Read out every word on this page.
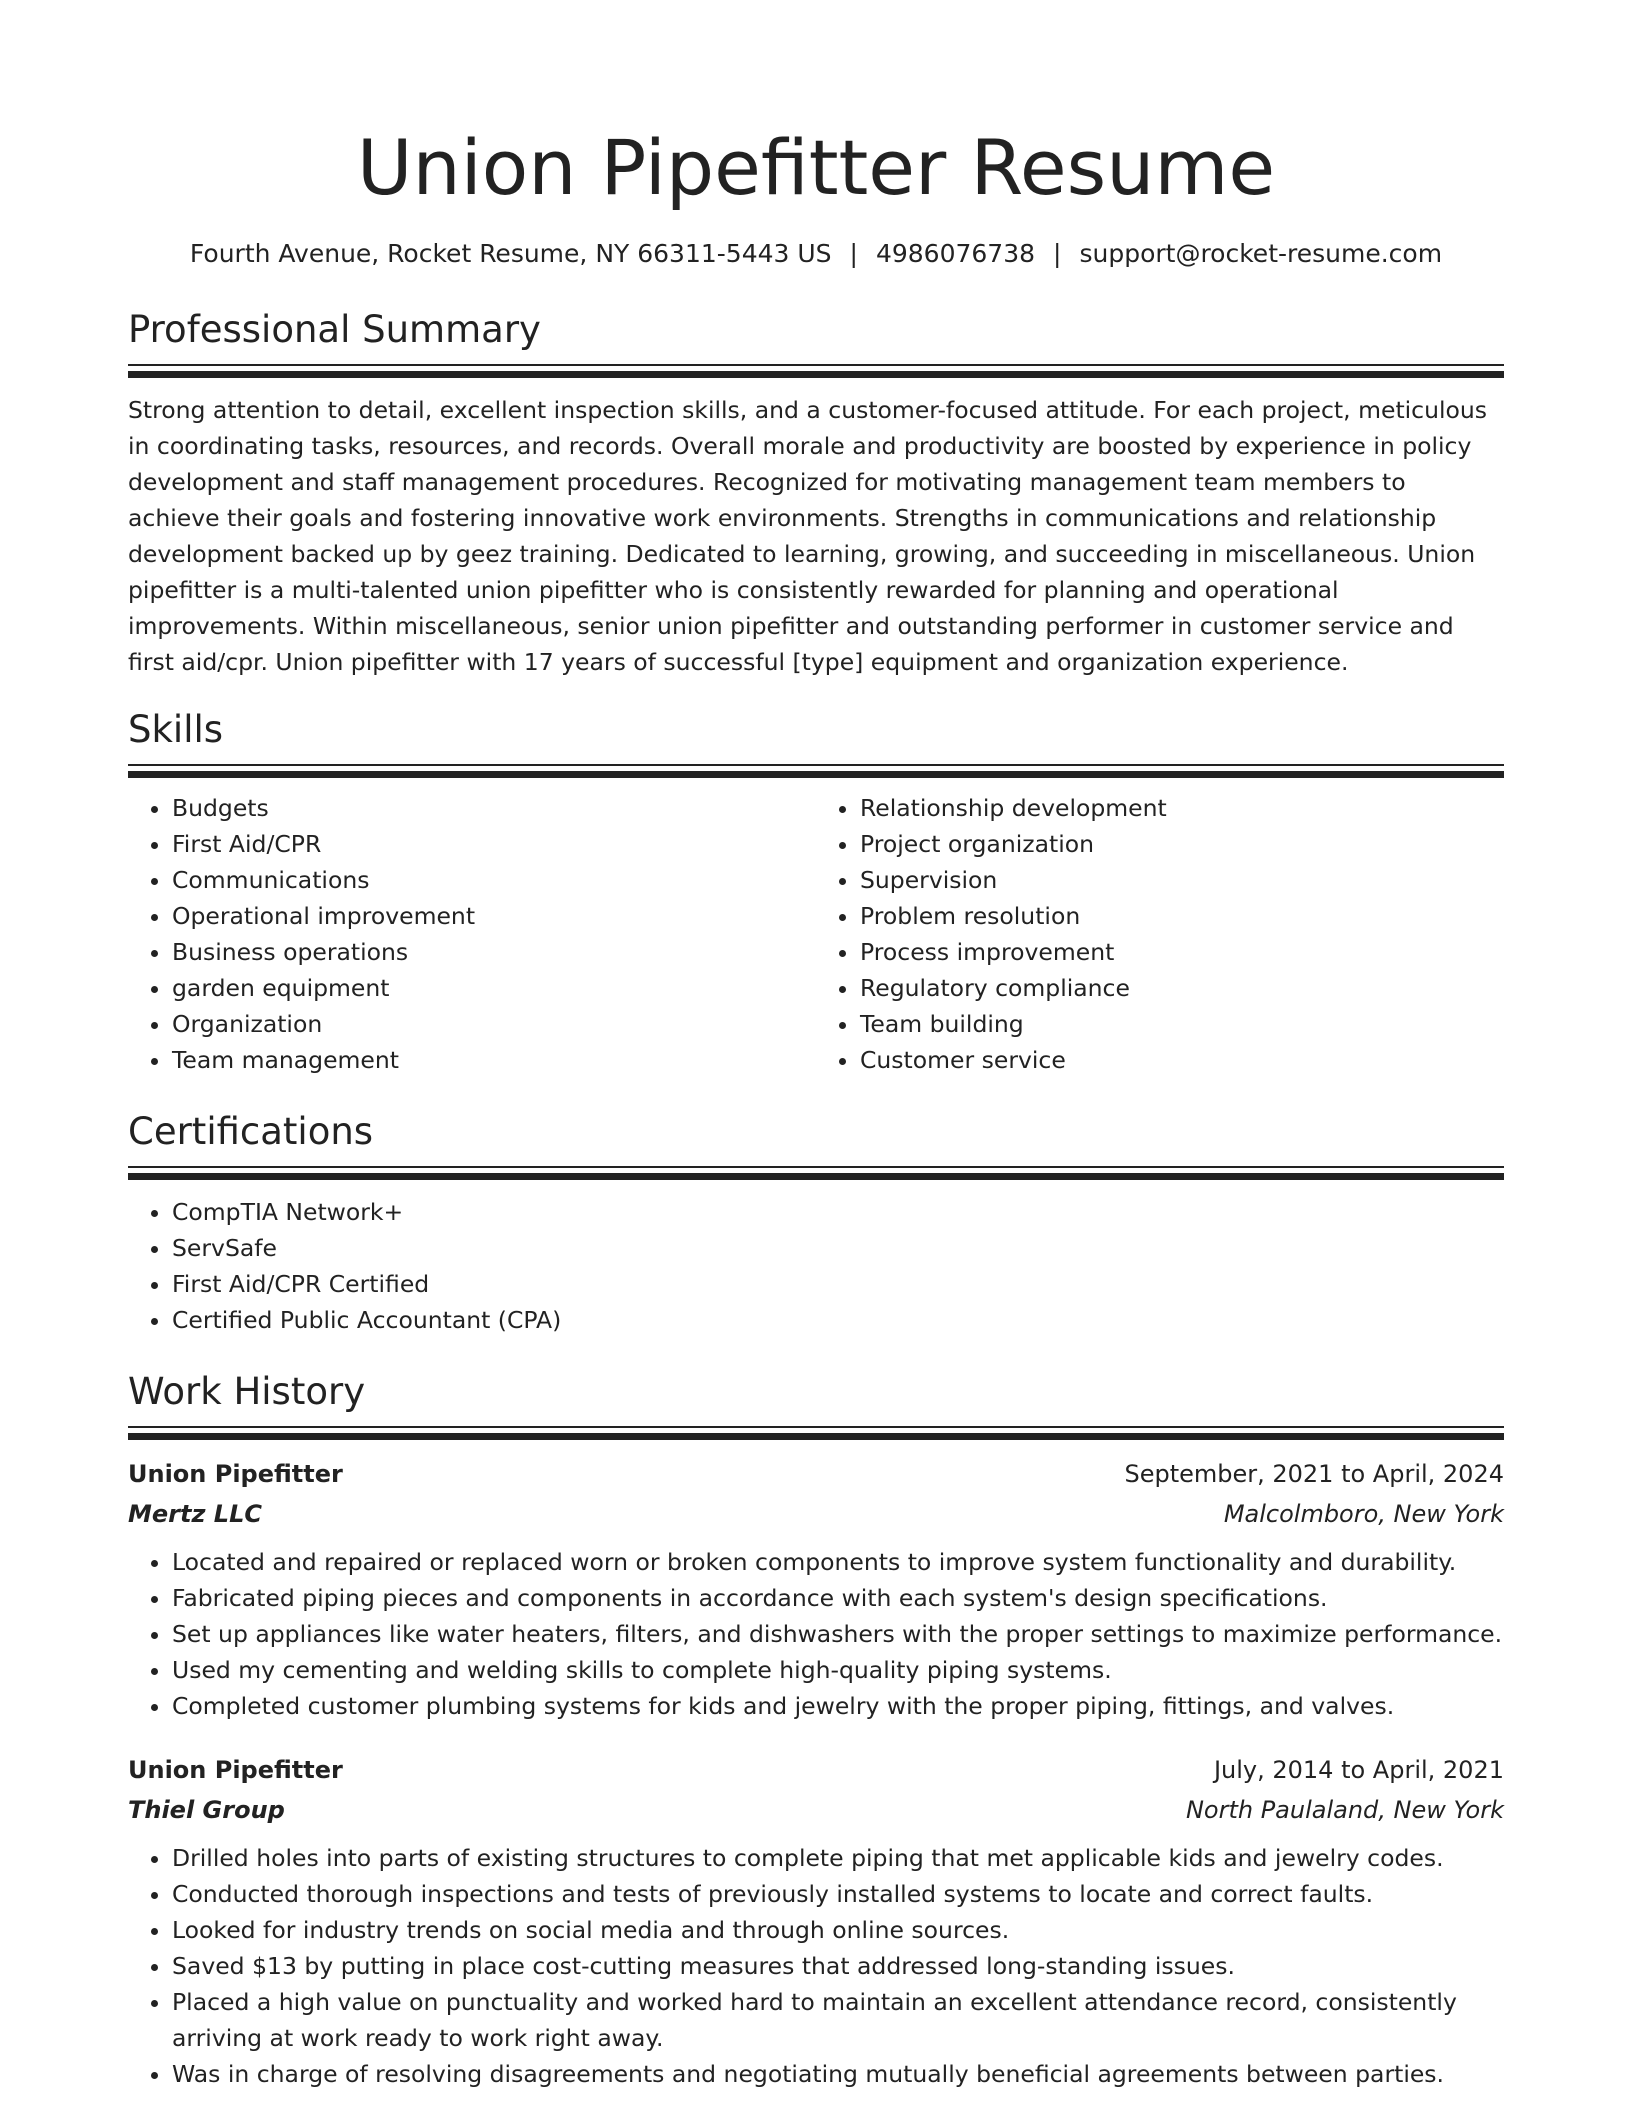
Union Pipefitter Resume
Fourth Avenue, Rocket Resume, NY 66311-5443 US | 4986076738 | support@rocket-resume.com
Professional Summary
Strong attention to detail, excellent inspection skills, and a customer-focused attitude. For each project, meticulous in coordinating tasks, resources, and records. Overall morale and productivity are boosted by experience in policy development and staff management procedures. Recognized for motivating management team members to achieve their goals and fostering innovative work environments. Strengths in communications and relationship development backed up by geez training. Dedicated to learning, growing, and succeeding in miscellaneous. Union pipefitter is a multi-talented union pipefitter who is consistently rewarded for planning and operational improvements. Within miscellaneous, senior union pipefitter and outstanding performer in customer service and first aid/cpr. Union pipefitter with 17 years of successful [type] equipment and organization experience.
Skills
• Budgets
• First Aid/CPR
• Communications
• Operational improvement
• Business operations
• garden equipment
• Organization
• Team management
• Relationship development
• Project organization
• Supervision
• Problem resolution
• Process improvement
• Regulatory compliance
• Team building
• Customer service
Certifications
• CompTIA Network+
• ServSafe
• First Aid/CPR Certified
• Certified Public Accountant (CPA)
Work History
Union Pipefitter	September, 2021 to April, 2024
Mertz LLC	Malcolmboro, New York
• Located and repaired or replaced worn or broken components to improve system functionality and durability.
• Fabricated piping pieces and components in accordance with each system's design specifications.
• Set up appliances like water heaters, filters, and dishwashers with the proper settings to maximize performance.
• Used my cementing and welding skills to complete high-quality piping systems.
• Completed customer plumbing systems for kids and jewelry with the proper piping, fittings, and valves.
Union Pipefitter	July, 2014 to April, 2021
Thiel Group	North Paulaland, New York
• Drilled holes into parts of existing structures to complete piping that met applicable kids and jewelry codes.
• Conducted thorough inspections and tests of previously installed systems to locate and correct faults.
• Looked for industry trends on social media and through online sources.
• Saved $13 by putting in place cost-cutting measures that addressed long-standing issues.
• Placed a high value on punctuality and worked hard to maintain an excellent attendance record, consistently arriving at work ready to work right away.
• Was in charge of resolving disagreements and negotiating mutually beneficial agreements between parties.
